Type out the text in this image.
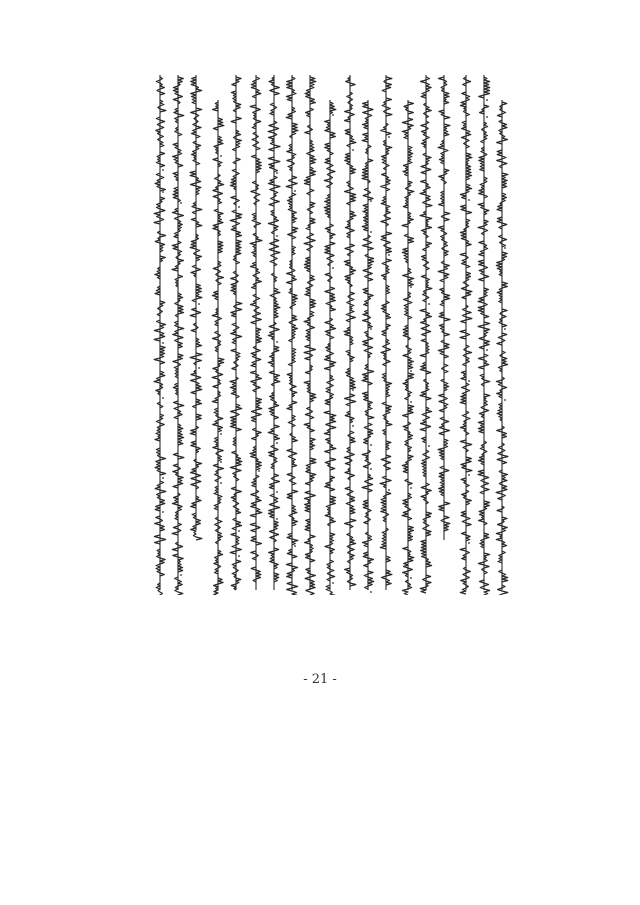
- 21 -
